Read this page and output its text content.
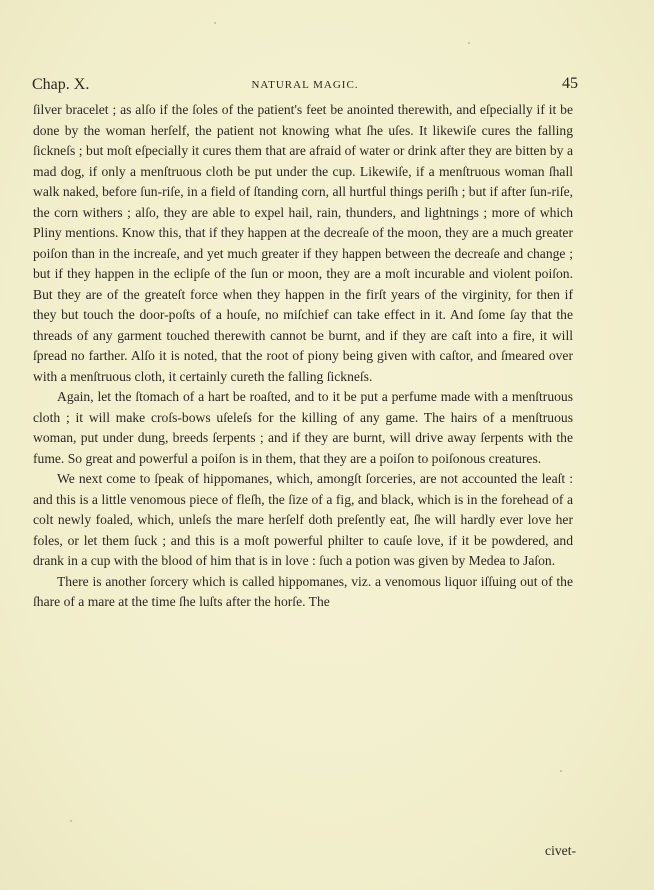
Chap. X.	NATURAL MAGIC.	45

ſilver bracelet ; as alſo if the ſoles of the patient's feet be anointed therewith, and eſpecially if it be done by the woman herſelf, the patient not knowing what ſhe uſes. It likewiſe cures the falling ſickneſs ; but moſt eſpecially it cures them that are afraid of water or drink after they are bitten by a mad dog, if only a menſtruous cloth be put under the cup. Likewiſe, if a menſtruous woman ſhall walk naked, before ſun-riſe, in a field of ſtanding corn, all hurtful things periſh ; but if after ſun-riſe, the corn withers ; alſo, they are able to expel hail, rain, thunders, and lightnings ; more of which Pliny mentions. Know this, that if they happen at the decreaſe of the moon, they are a much greater poiſon than in the increaſe, and yet much greater if they happen between the decreaſe and change ; but if they happen in the eclipſe of the ſun or moon, they are a moſt incurable and violent poiſon. But they are of the greateſt force when they happen in the firſt years of the virginity, for then if they but touch the door-poſts of a houſe, no miſchief can take effect in it. And ſome ſay that the threads of any garment touched therewith cannot be burnt, and if they are caſt into a fire, it will ſpread no farther. Alſo it is noted, that the root of piony being given with caſtor, and ſmeared over with a menſtruous cloth, it certainly cureth the falling ſickneſs.

Again, let the ſtomach of a hart be roaſted, and to it be put a perfume made with a menſtruous cloth ; it will make croſs-bows uſeleſs for the killing of any game. The hairs of a menſtruous woman, put under dung, breeds ſerpents ; and if they are burnt, will drive away ſerpents with the fume. So great and powerful a poiſon is in them, that they are a poiſon to poiſonous creatures.

We next come to ſpeak of hippomanes, which, amongſt ſorceries, are not accounted the leaſt : and this is a little venomous piece of fleſh, the ſize of a fig, and black, which is in the forehead of a colt newly foaled, which, unleſs the mare herſelf doth preſently eat, ſhe will hardly ever love her foles, or let them ſuck ; and this is a moſt powerful philter to cauſe love, if it be powdered, and drank in a cup with the blood of him that is in love : ſuch a potion was given by Medea to Jaſon.

There is another ſorcery which is called hippomanes, viz. a venomous liquor iſſuing out of the ſhare of a mare at the time ſhe luſts after the horſe. The

civet-
